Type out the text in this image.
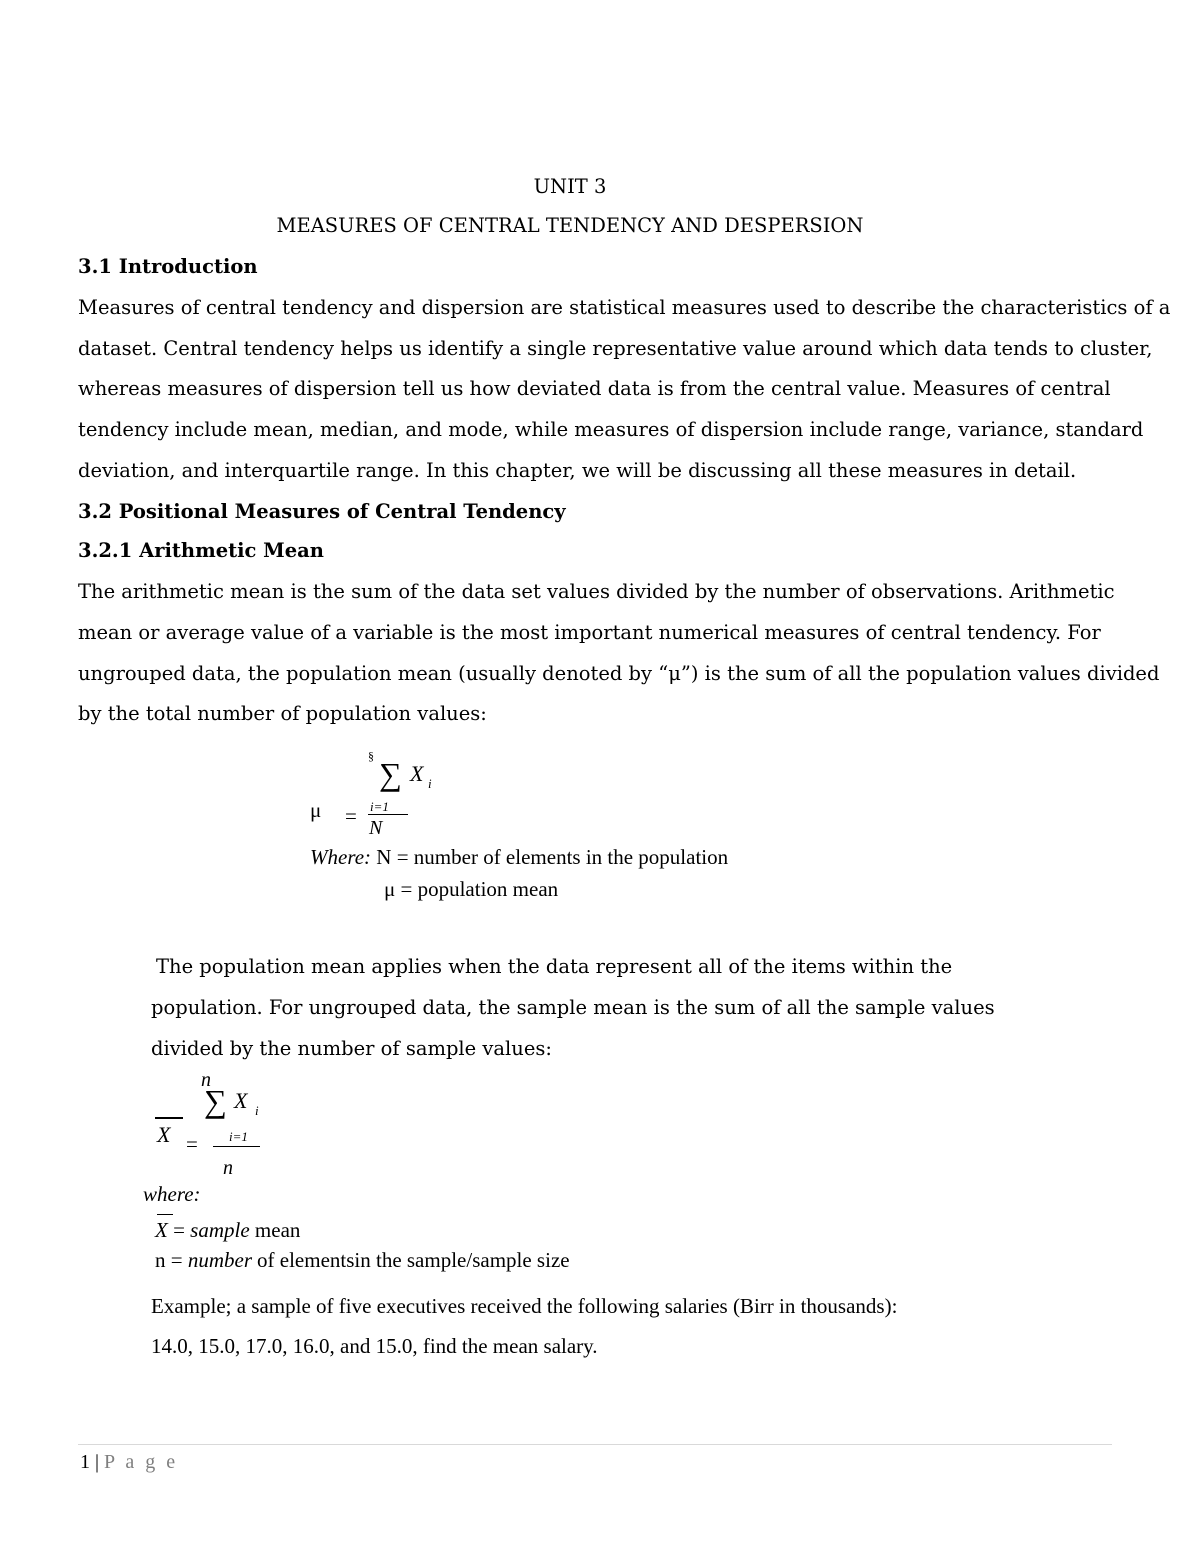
UNIT 3
MEASURES OF CENTRAL TENDENCY AND DESPERSION
3.1 Introduction
Measures of central tendency and dispersion are statistical measures used to describe the characteristics of a
dataset. Central tendency helps us identify a single representative value around which data tends to cluster,
whereas measures of dispersion tell us how deviated data is from the central value. Measures of central
tendency include mean, median, and mode, while measures of dispersion include range, variance, standard
deviation, and interquartile range. In this chapter, we will be discussing all these measures in detail.
3.2 Positional Measures of Central Tendency
3.2.1 Arithmetic Mean
The arithmetic mean is the sum of the data set values divided by the number of observations. Arithmetic
mean or average value of a variable is the most important numerical measures of central tendency. For
ungrouped data, the population mean (usually denoted by “μ”) is the sum of all the population values divided
by the total number of population values:
§ ∑ X i
μ = i=1
N
Where: N = number of elements in the population
μ = population mean
The population mean applies when the data represent all of the items within the
population. For ungrouped data, the sample mean is the sum of all the sample values
divided by the number of sample values:
n
∑ X i
X = i=1
n
where:
X = sample mean
n = number of elementsin the sample/sample size
Example; a sample of five executives received the following salaries (Birr in thousands):
14.0, 15.0, 17.0, 16.0, and 15.0, find the mean salary.
1 | P a g e
